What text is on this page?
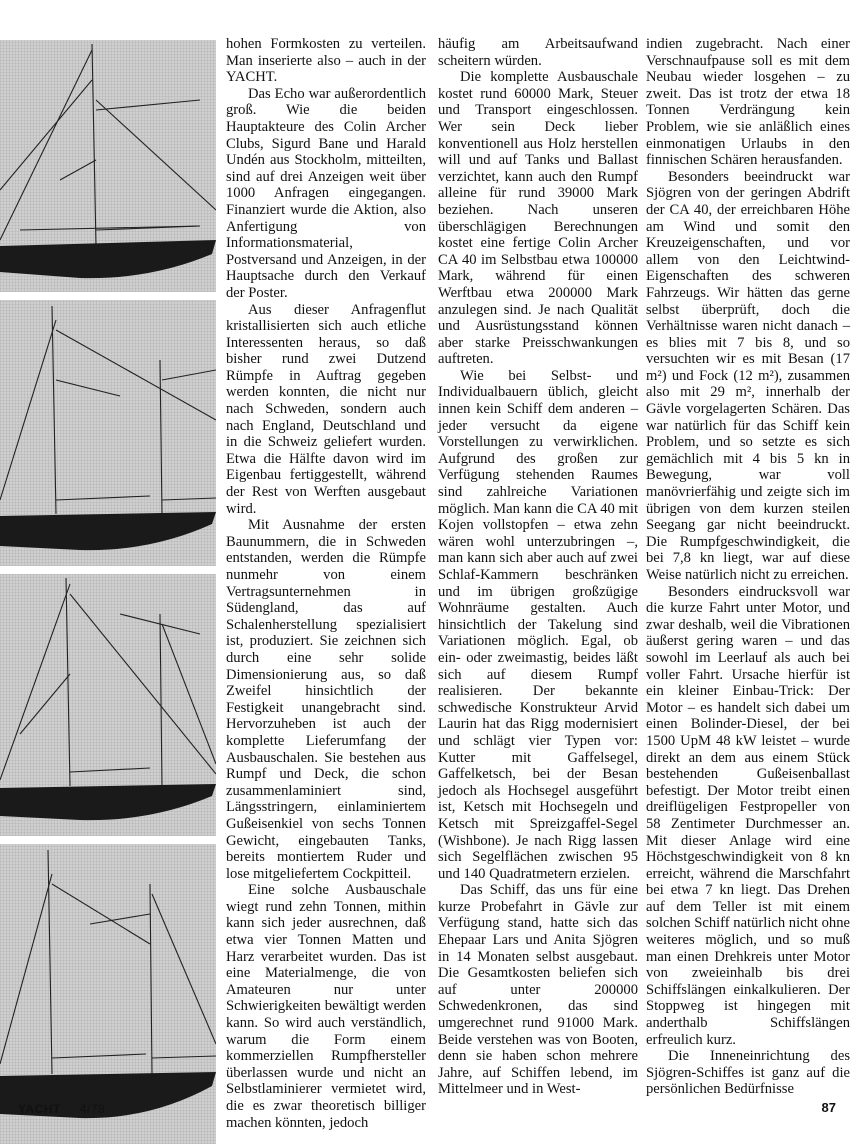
hohen Formkosten zu verteilen. Man inserierte also – auch in der YACHT.

Das Echo war außerordentlich groß. Wie die beiden Hauptakteure des Colin Archer Clubs, Sigurd Bane und Harald Undén aus Stockholm, mitteilten, sind auf drei Anzeigen weit über 1000 Anfragen eingegangen. Finanziert wurde die Aktion, also Anfertigung von Informationsmaterial, Postversand und Anzeigen, in der Hauptsache durch den Verkauf der Poster.

Aus dieser Anfragenflut kristallisierten sich auch etliche Interessenten heraus, so daß bisher rund zwei Dutzend Rümpfe in Auftrag gegeben werden konnten, die nicht nur nach Schweden, sondern auch nach England, Deutschland und in die Schweiz geliefert wurden. Etwa die Hälfte davon wird im Eigenbau fertiggestellt, während der Rest von Werften ausgebaut wird.

Mit Ausnahme der ersten Baunummern, die in Schweden entstanden, werden die Rümpfe nunmehr von einem Vertragsunternehmen in Südengland, das auf Schalenherstellung spezialisiert ist, produziert. Sie zeichnen sich durch eine sehr solide Dimensionierung aus, so daß Zweifel hinsichtlich der Festigkeit unangebracht sind. Hervorzuheben ist auch der komplette Lieferumfang der Ausbauschalen. Sie bestehen aus Rumpf und Deck, die schon zusammenlaminiert sind, Längsstringern, einlaminiertem Gußeisenkiel von sechs Tonnen Gewicht, eingebauten Tanks, bereits montiertem Ruder und lose mitgeliefertem Cockpitteil.

Eine solche Ausbauschale wiegt rund zehn Tonnen, mithin kann sich jeder ausrechnen, daß etwa vier Tonnen Matten und Harz verarbeitet wurden. Das ist eine Materialmenge, die von Amateuren nur unter Schwierigkeiten bewältigt werden kann. So wird auch verständlich, warum die Form einem kommerziellen Rumpfhersteller überlassen wurde und nicht an Selbstlaminierer vermietet wird, die es zwar theoretisch billiger machen könnten, jedoch

häufig am Arbeitsaufwand scheitern würden.

Die komplette Ausbauschale kostet rund 60000 Mark, Steuer und Transport eingeschlossen. Wer sein Deck lieber konventionell aus Holz herstellen will und auf Tanks und Ballast verzichtet, kann auch den Rumpf alleine für rund 39000 Mark beziehen. Nach unseren überschlägigen Berechnungen kostet eine fertige Colin Archer CA 40 im Selbstbau etwa 100000 Mark, während für einen Werftbau etwa 200000 Mark anzulegen sind. Je nach Qualität und Ausrüstungsstand können aber starke Preisschwankungen auftreten.

Wie bei Selbst- und Individualbauern üblich, gleicht innen kein Schiff dem anderen – jeder versucht da eigene Vorstellungen zu verwirklichen. Aufgrund des großen zur Verfügung stehenden Raumes sind zahlreiche Variationen möglich. Man kann die CA 40 mit Kojen vollstopfen – etwa zehn wären wohl unterzubringen –, man kann sich aber auch auf zwei Schlaf-Kammern beschränken und im übrigen großzügige Wohnräume gestalten. Auch hinsichtlich der Takelung sind Variationen möglich. Egal, ob ein- oder zweimastig, beides läßt sich auf diesem Rumpf realisieren. Der bekannte schwedische Konstrukteur Arvid Laurin hat das Rigg modernisiert und schlägt vier Typen vor: Kutter mit Gaffelsegel, Gaffelketsch, bei der Besan jedoch als Hochsegel ausgeführt ist, Ketsch mit Hochsegeln und Ketsch mit Spreizgaffel-Segel (Wishbone). Je nach Rigg lassen sich Segelflächen zwischen 95 und 140 Quadratmetern erzielen.

Das Schiff, das uns für eine kurze Probefahrt in Gävle zur Verfügung stand, hatte sich das Ehepaar Lars und Anita Sjögren in 14 Monaten selbst ausgebaut. Die Gesamtkosten beliefen sich auf unter 200000 Schwedenkronen, das sind umgerechnet rund 91000 Mark. Beide verstehen was von Booten, denn sie haben schon mehrere Jahre, auf Schiffen lebend, im Mittelmeer und in West-

indien zugebracht. Nach einer Verschnaufpause soll es mit dem Neubau wieder losgehen – zu zweit. Das ist trotz der etwa 18 Tonnen Verdrängung kein Problem, wie sie anläßlich eines einmonatigen Urlaubs in den finnischen Schären herausfanden.

Besonders beeindruckt war Sjögren von der geringen Abdrift der CA 40, der erreichbaren Höhe am Wind und somit den Kreuzeigenschaften, und vor allem von den Leichtwind-Eigenschaften des schweren Fahrzeugs. Wir hätten das gerne selbst überprüft, doch die Verhältnisse waren nicht danach – es blies mit 7 bis 8, und so versuchten wir es mit Besan (17 m²) und Fock (12 m²), zusammen also mit 29 m², innerhalb der Gävle vorgelagerten Schären. Das war natürlich für das Schiff kein Problem, und so setzte es sich gemächlich mit 4 bis 5 kn in Bewegung, war voll manövrierfähig und zeigte sich im übrigen von dem kurzen steilen Seegang gar nicht beeindruckt. Die Rumpfgeschwindigkeit, die bei 7,8 kn liegt, war auf diese Weise natürlich nicht zu erreichen.

Besonders eindrucksvoll war die kurze Fahrt unter Motor, und zwar deshalb, weil die Vibrationen äußerst gering waren – und das sowohl im Leerlauf als auch bei voller Fahrt. Ursache hierfür ist ein kleiner Einbau-Trick: Der Motor – es handelt sich dabei um einen Bolinder-Diesel, der bei 1500 UpM 48 kW leistet – wurde direkt an dem aus einem Stück bestehenden Gußeisenballast befestigt. Der Motor treibt einen dreiflügeligen Festpropeller von 58 Zentimeter Durchmesser an. Mit dieser Anlage wird eine Höchstgeschwindigkeit von 8 kn erreicht, während die Marschfahrt bei etwa 7 kn liegt. Das Drehen auf dem Teller ist mit einem solchen Schiff natürlich nicht ohne weiteres möglich, und so muß man einen Drehkreis unter Motor von zweieinhalb bis drei Schiffslängen einkalkulieren. Der Stoppweg ist hingegen mit anderthalb Schiffslängen erfreulich kurz.

Die Inneneinrichtung des Sjögren-Schiffes ist ganz auf die persönlichen Bedürfnisse

YACHT 4/78	87
